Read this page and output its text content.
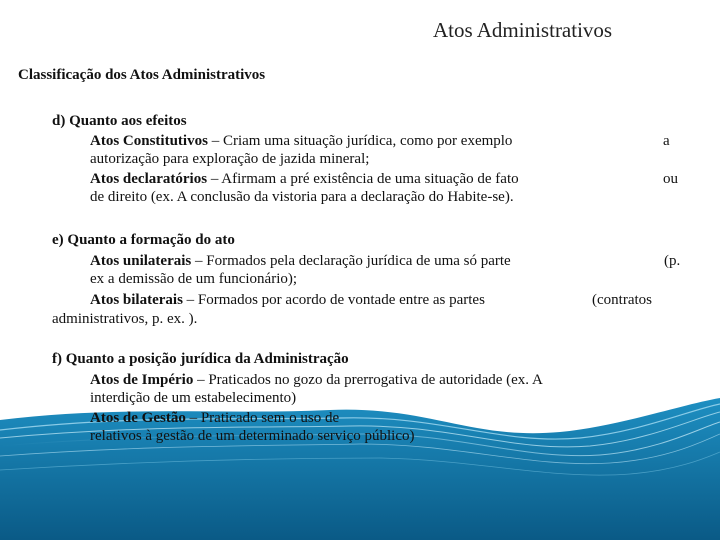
Atos Administrativos
Classificação dos Atos Administrativos
d) Quanto aos efeitos
Atos Constitutivos – Criam uma situação jurídica, como por exemplo	a
autorização para exploração de jazida mineral;
Atos declaratórios – Afirmam a pré existência de uma situação de fato	ou
de direito (ex. A conclusão da vistoria para a declaração do Habite-se).
e) Quanto a formação do ato
Atos unilaterais – Formados pela declaração jurídica de uma só parte	(p.
ex a demissão de um funcionário);
Atos bilaterais – Formados por acordo de vontade entre as partes	(contratos
administrativos, p. ex. ).
f) Quanto a posição jurídica da Administração
Atos de Império – Praticados no gozo da prerrogativa de autoridade (ex. A
interdição de um estabelecimento)
Atos de Gestão – Praticado sem o uso de
relativos à gestão de um determinado serviço público)
